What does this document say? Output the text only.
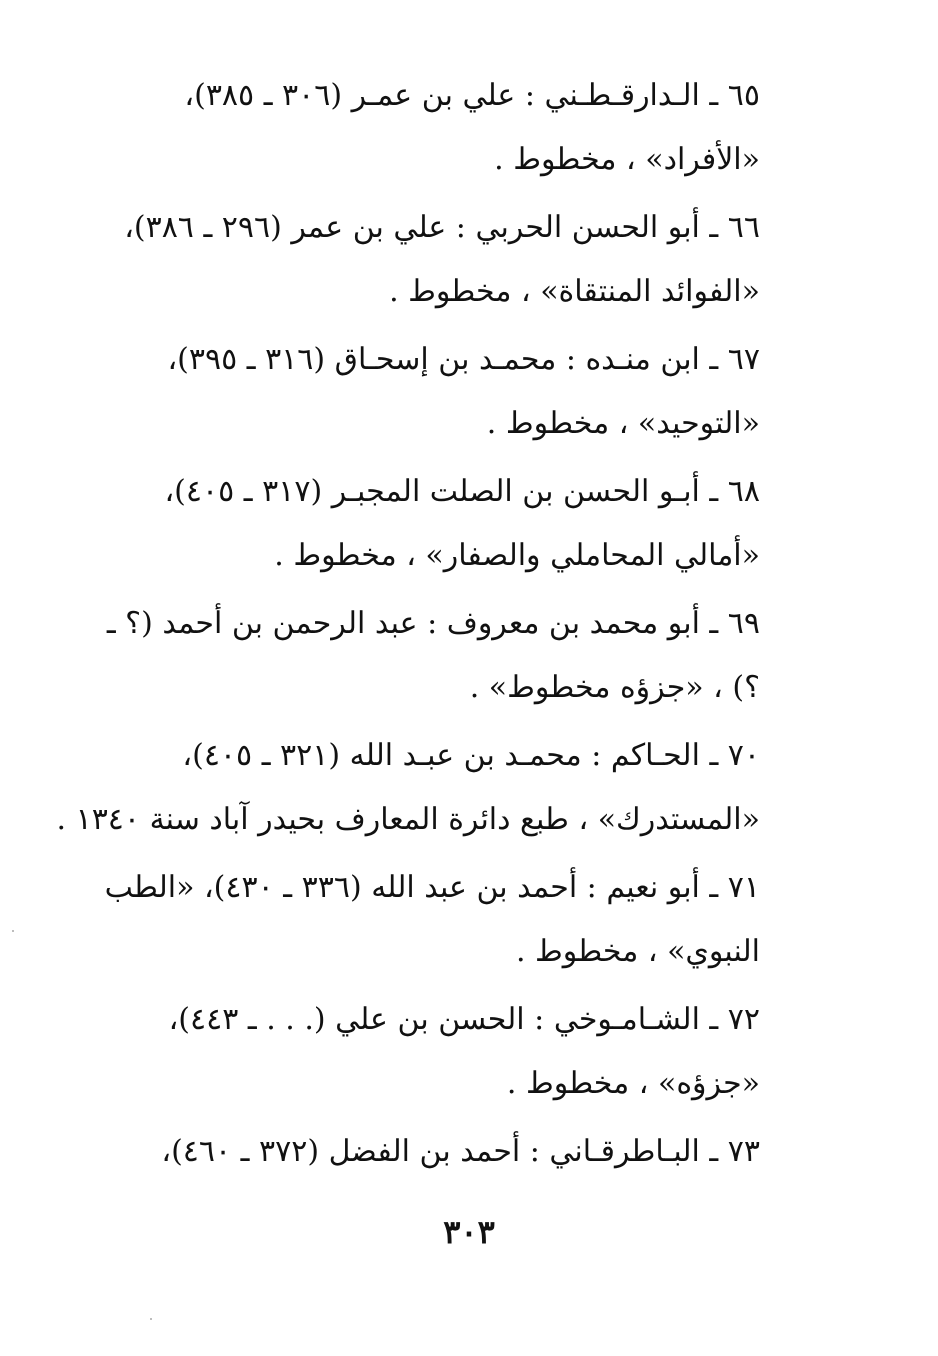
٦٥ ـ الـدارقـطـني : علي بن عمـر (٣٠٦ ـ ٣٨٥)،
«الأفراد» ، مخطوط .
٦٦ ـ أبو الحسن الحربي : علي بن عمر (٢٩٦ ـ ٣٨٦)،
«الفوائد المنتقاة» ، مخطوط .
٦٧ ـ ابن منـده : محمـد بن إسحـاق (٣١٦ ـ ٣٩٥)،
«التوحيد» ، مخطوط .
٦٨ ـ أبـو الحسن بن الصلت المجبـر (٣١٧ ـ ٤٠٥)،
«أمالي المحاملي والصفار» ، مخطوط .
٦٩ ـ أبو محمد بن معروف : عبد الرحمن بن أحمد (؟ ـ
؟) ، «جزؤه مخطوط» .
٧٠ ـ الحـاكم : محمـد بن عبـد الله (٣٢١ ـ ٤٠٥)،
«المستدرك» ، طبع دائرة المعارف بحيدر آباد سنة ١٣٤٠ .
٧١ ـ أبو نعيم : أحمد بن عبد الله (٣٣٦ ـ ٤٣٠)، «الطب
النبوي» ، مخطوط .
٧٢ ـ الشـامـوخي : الحسن بن علي (. . . ـ ٤٤٣)،
«جزؤه» ، مخطوط .
٧٣ ـ البـاطرقـاني : أحمد بن الفضل (٣٧٢ ـ ٤٦٠)،
٣٠٣
